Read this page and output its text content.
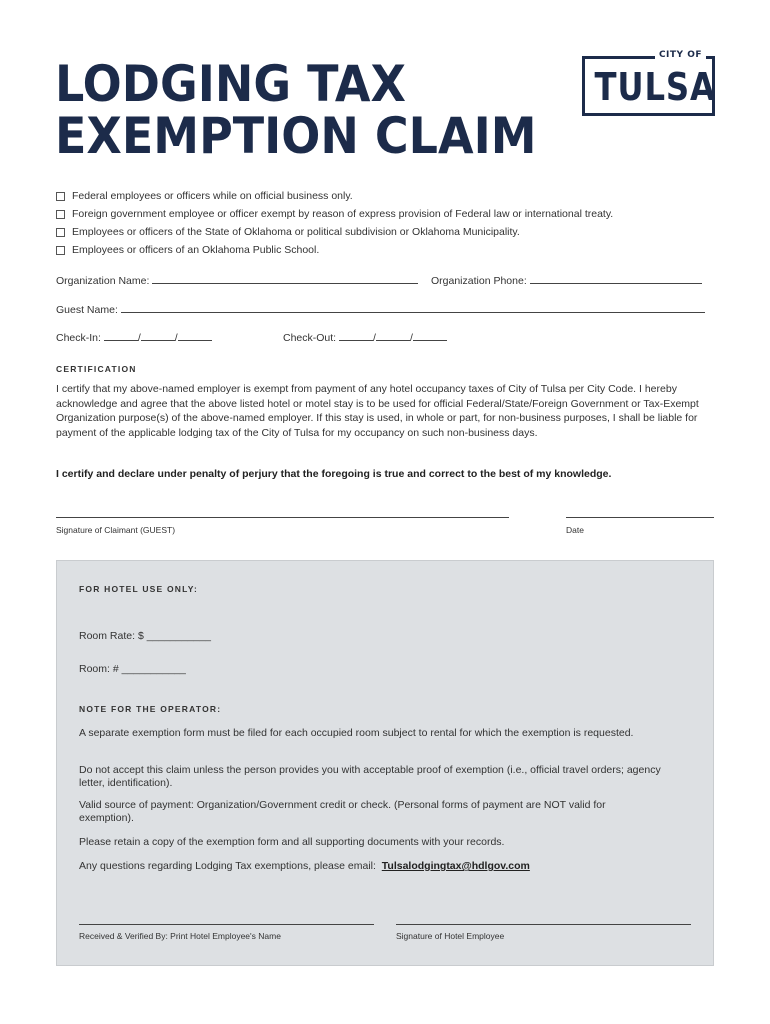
LODGING TAX
EXEMPTION CLAIM
CITY OF
TULSA
Federal employees or officers while on official business only.
Foreign government employee or officer exempt by reason of express provision of Federal law or international treaty.
Employees or officers of the State of Oklahoma or political subdivision or Oklahoma Municipality.
Employees or officers of an Oklahoma Public School.
Organization Name:	Organization Phone:
Guest Name:
Check-In:	/	/	Check-Out:	/	/
CERTIFICATION
I certify that my above-named employer is exempt from payment of any hotel occupancy taxes of City of Tulsa per City Code. I hereby acknowledge and agree that the above listed hotel or motel stay is to be used for official Federal/State/Foreign Government or Tax-Exempt Organization purpose(s) of the above-named employer. If this stay is used, in whole or part, for non-business purposes, I shall be liable for payment of the applicable lodging tax of the City of Tulsa for my occupancy on such non-business days.
I certify and declare under penalty of perjury that the foregoing is true and correct to the best of my knowledge.
Signature of Claimant (GUEST)	Date
FOR HOTEL USE ONLY:
Room Rate: $ ___________
Room: # ___________
NOTE FOR THE OPERATOR:
A separate exemption form must be filed for each occupied room subject to rental for which the exemption is requested.
Do not accept this claim unless the person provides you with acceptable proof of exemption (i.e., official travel orders; agency letter, identification).
Valid source of payment: Organization/Government credit or check. (Personal forms of payment are NOT valid for exemption).
Please retain a copy of the exemption form and all supporting documents with your records.
Any questions regarding Lodging Tax exemptions, please email: Tulsalodgingtax@hdlgov.com
Received & Verified By: Print Hotel Employee's Name	Signature of Hotel Employee
